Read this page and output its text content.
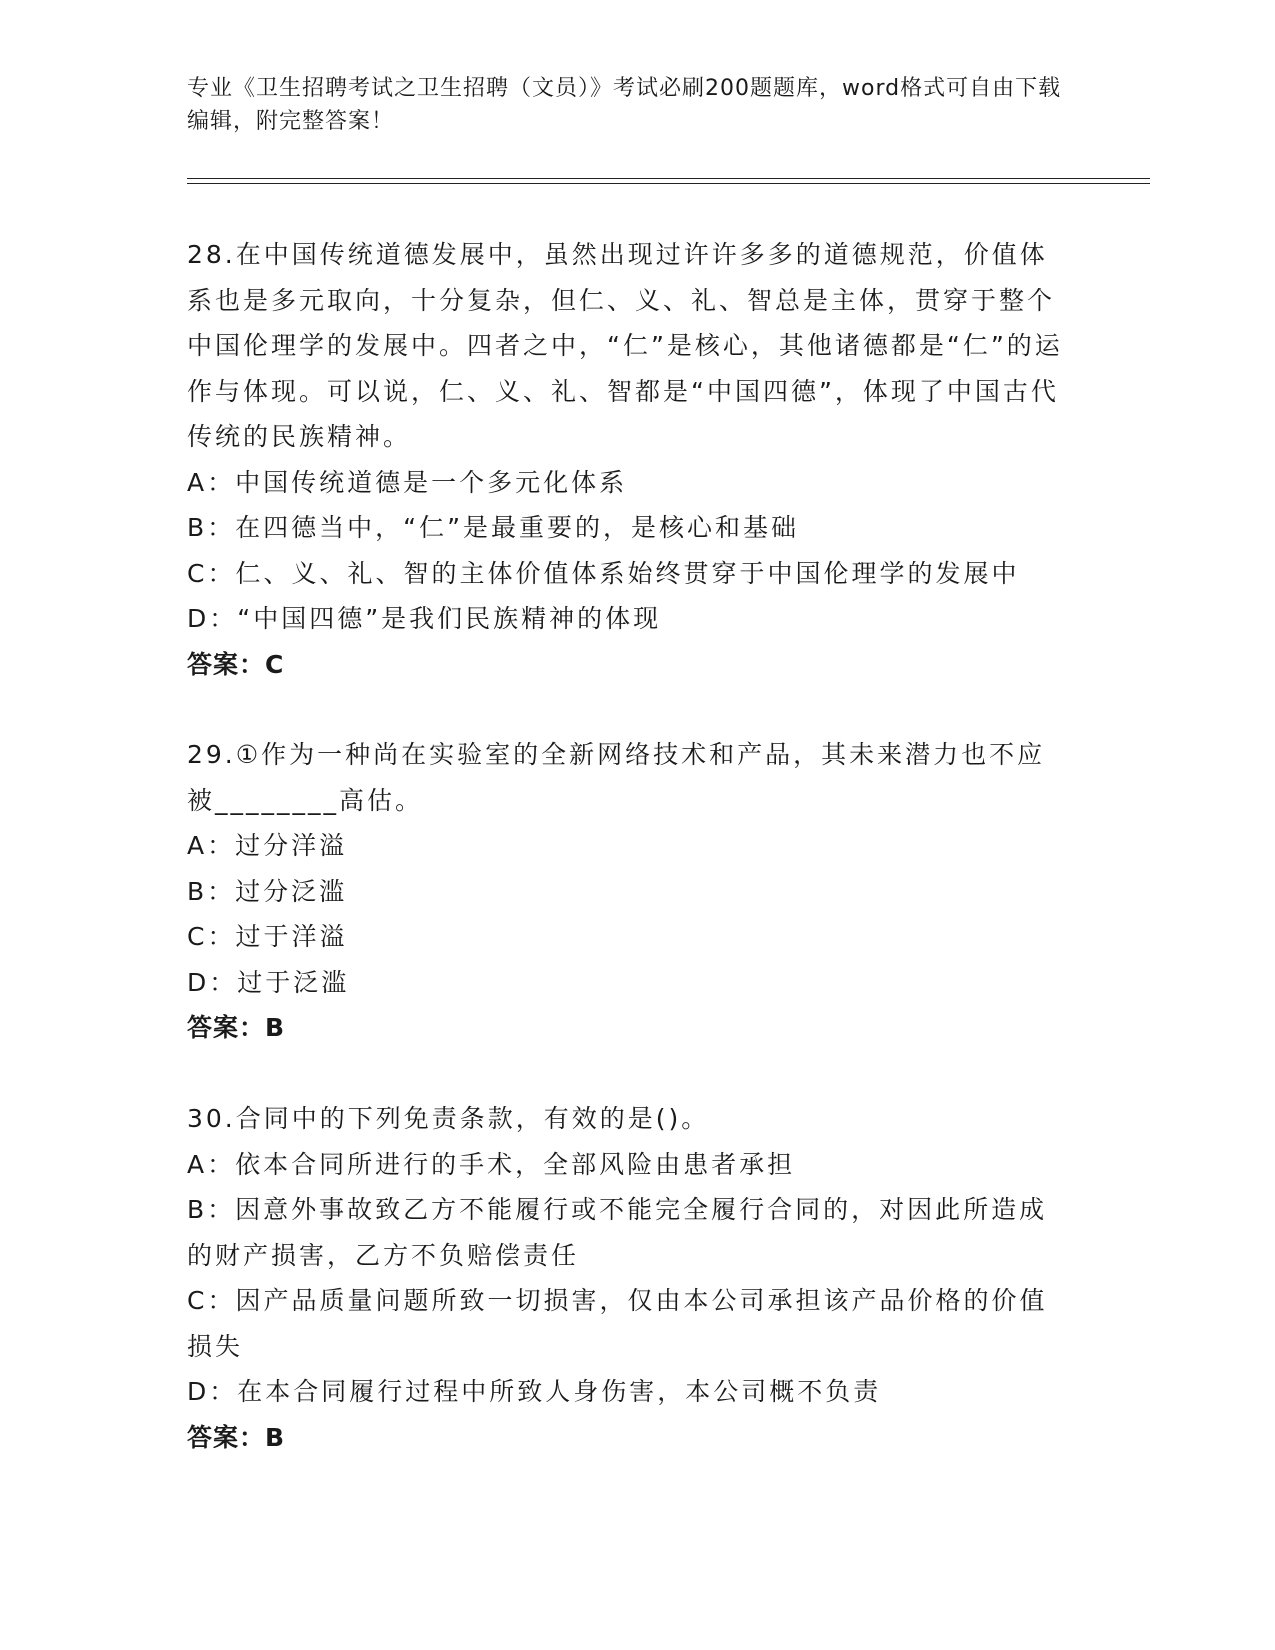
专业《卫生招聘考试之卫生招聘（文员）》考试必刷200题题库，word格式可自由下载编辑，附完整答案！

28.在中国传统道德发展中，虽然出现过许许多多的道德规范，价值体系也是多元取向，十分复杂，但仁、义、礼、智总是主体，贯穿于整个中国伦理学的发展中。四者之中，“仁”是核心，其他诸德都是“仁”的运作与体现。可以说，仁、义、礼、智都是“中国四德”，体现了中国古代传统的民族精神。

A：中国传统道德是一个多元化体系

B：在四德当中，“仁”是最重要的，是核心和基础

C：仁、义、礼、智的主体价值体系始终贯穿于中国伦理学的发展中

D：“中国四德”是我们民族精神的体现

答案：C

29.①作为一种尚在实验室的全新网络技术和产品，其未来潜力也不应被________高估。

A：过分洋溢

B：过分泛滥

C：过于洋溢

D：过于泛滥

答案：B

30.合同中的下列免责条款，有效的是()。

A：依本合同所进行的手术，全部风险由患者承担

B：因意外事故致乙方不能履行或不能完全履行合同的，对因此所造成的财产损害，乙方不负赔偿责任

C：因产品质量问题所致一切损害，仅由本公司承担该产品价格的价值损失

D：在本合同履行过程中所致人身伤害，本公司概不负责

答案：B
